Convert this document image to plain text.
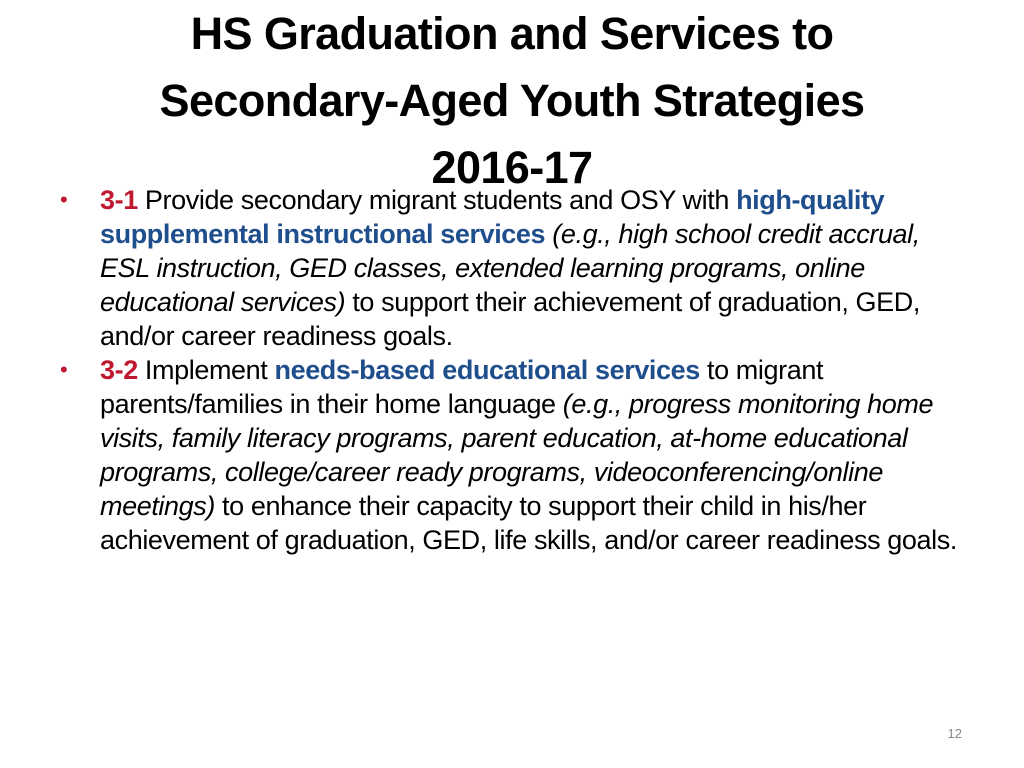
HS Graduation and Services to
Secondary-Aged Youth Strategies
2016-17
• 3-1 Provide secondary migrant students and OSY with high-quality supplemental instructional services (e.g., high school credit accrual, ESL instruction, GED classes, extended learning programs, online educational services) to support their achievement of graduation, GED, and/or career readiness goals.
• 3-2 Implement needs-based educational services to migrant parents/families in their home language (e.g., progress monitoring home visits, family literacy programs, parent education, at-home educational programs, college/career ready programs, videoconferencing/online meetings) to enhance their capacity to support their child in his/her achievement of graduation, GED, life skills, and/or career readiness goals.
12
